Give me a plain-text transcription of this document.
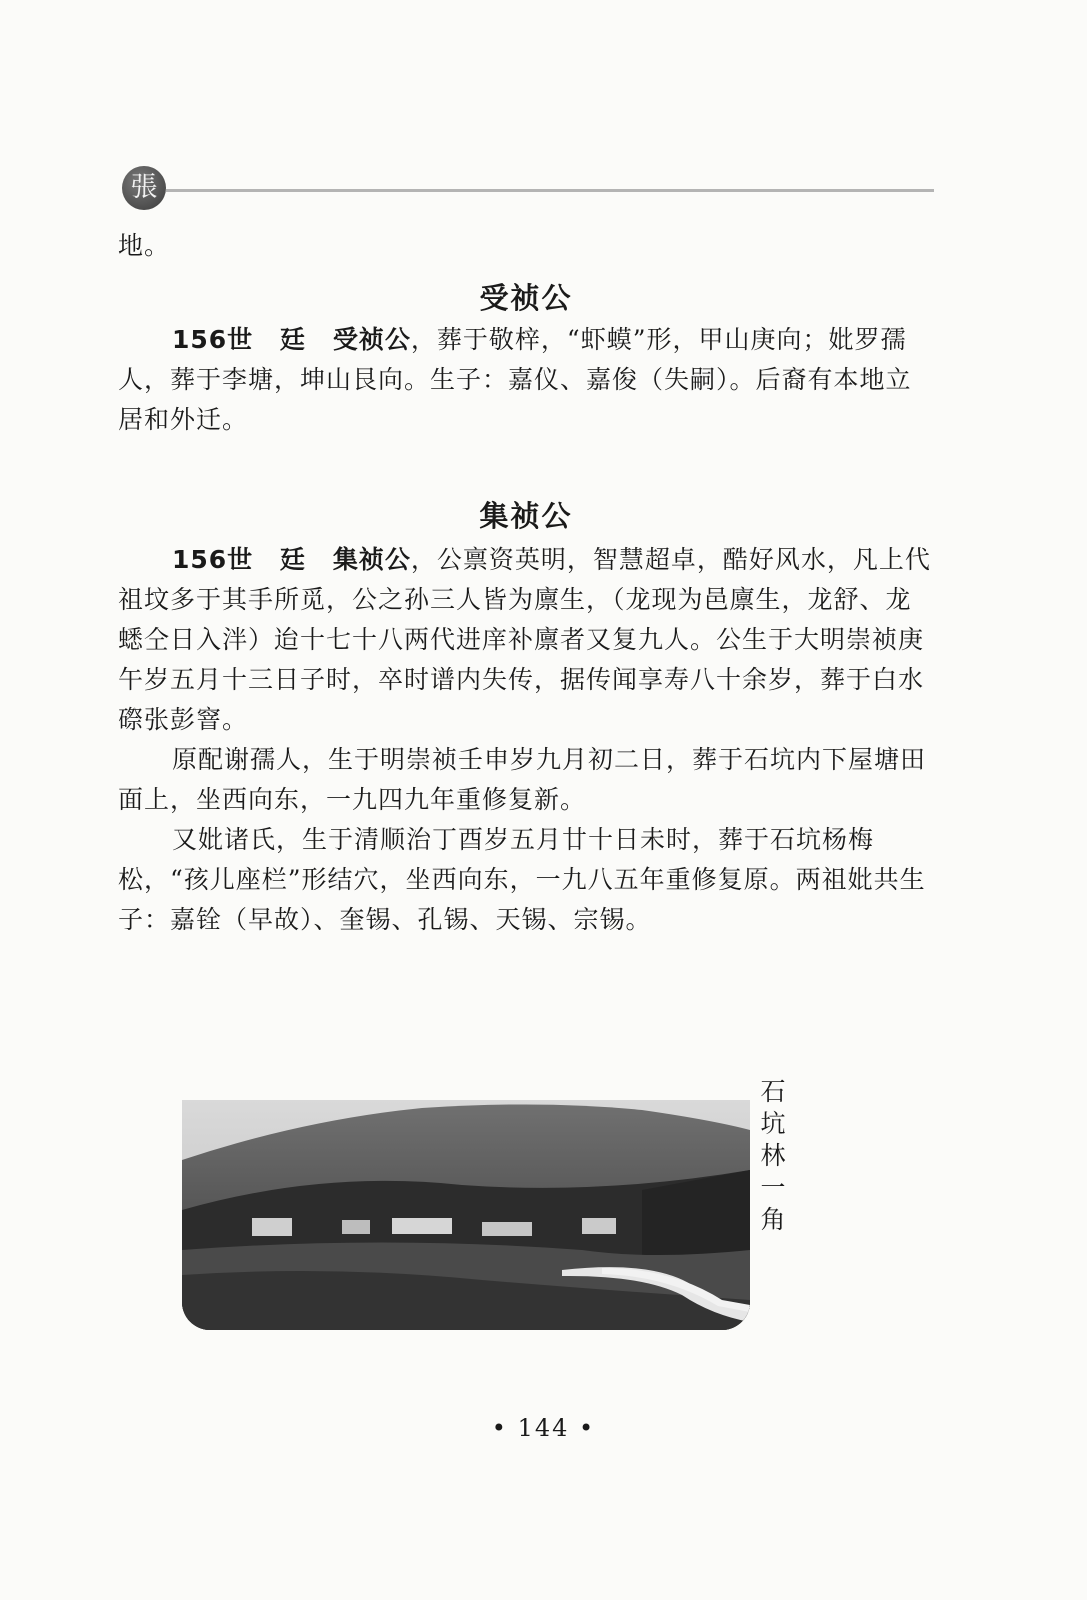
張

地。

受祯公

156世 廷 受祯公，葬于敬梓，“虾蟆”形，甲山庚向；妣罗孺人，葬于李塘，坤山艮向。生子：嘉仪、嘉俊（失嗣）。后裔有本地立居和外迁。

集祯公

156世 廷 集祯公，公禀资英明，智慧超卓，酷好风水，凡上代祖坟多于其手所觅，公之孙三人皆为廪生，（龙现为邑廪生，龙舒、龙蟋仝日入泮）迨十七十八两代进庠补廪者又复九人。公生于大明崇祯庚午岁五月十三日子时，卒时谱内失传，据传闻享寿八十余岁，葬于白水磜张彭窨。

原配谢孺人，生于明崇祯壬申岁九月初二日，葬于石坑内下屋塘田面上，坐西向东，一九四九年重修复新。

又妣诸氏，生于清顺治丁酉岁五月廿十日未时，葬于石坑杨梅松，“孩儿座栏”形结穴，坐西向东，一九八五年重修复原。两祖妣共生子：嘉铨（早故）、奎锡、孔锡、天锡、宗锡。

石坑林一角
• 144 •
